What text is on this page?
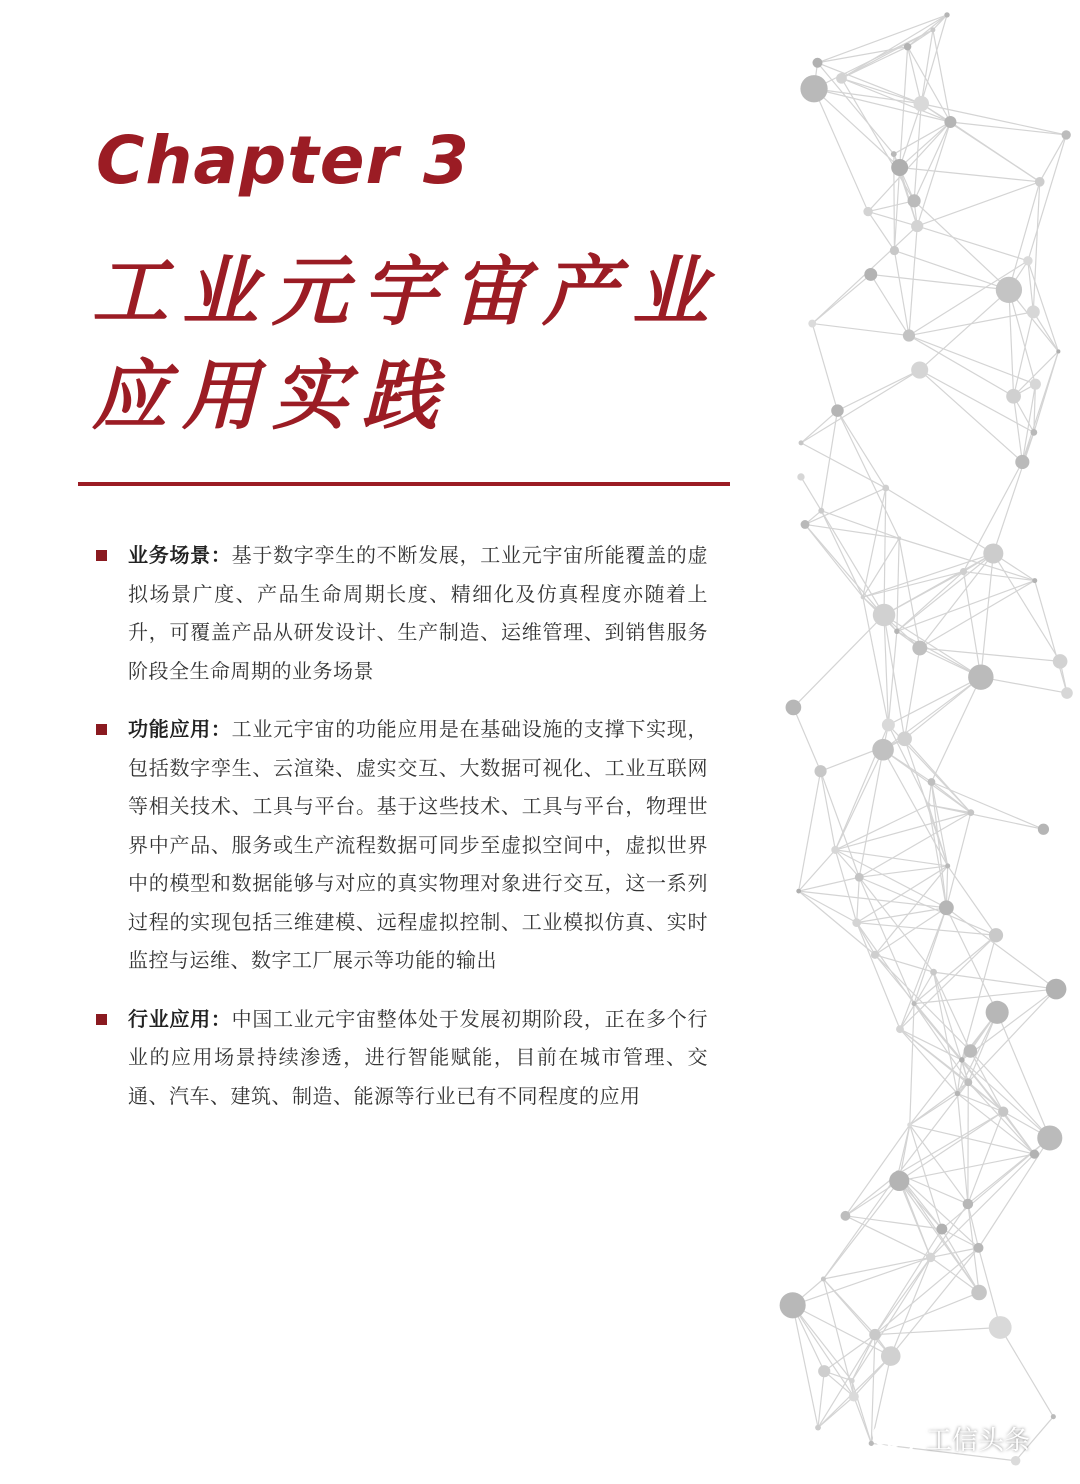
Chapter 3
工业元宇宙产业
应用实践
业务场景：基于数字孪生的不断发展，工业元宇宙所能覆盖的虚拟场景广度、产品生命周期长度、精细化及仿真程度亦随着上升，可覆盖产品从研发设计、生产制造、运维管理、到销售服务阶段全生命周期的业务场景
功能应用：工业元宇宙的功能应用是在基础设施的支撑下实现，包括数字孪生、云渲染、虚实交互、大数据可视化、工业互联网等相关技术、工具与平台。基于这些技术、工具与平台，物理世界中产品、服务或生产流程数据可同步至虚拟空间中，虚拟世界中的模型和数据能够与对应的真实物理对象进行交互，这一系列过程的实现包括三维建模、远程虚拟控制、工业模拟仿真、实时监控与运维、数字工厂展示等功能的输出
行业应用：中国工业元宇宙整体处于发展初期阶段，正在多个行业的应用场景持续渗透，进行智能赋能，目前在城市管理、交通、汽车、建筑、制造、能源等行业已有不同程度的应用
工信头条
